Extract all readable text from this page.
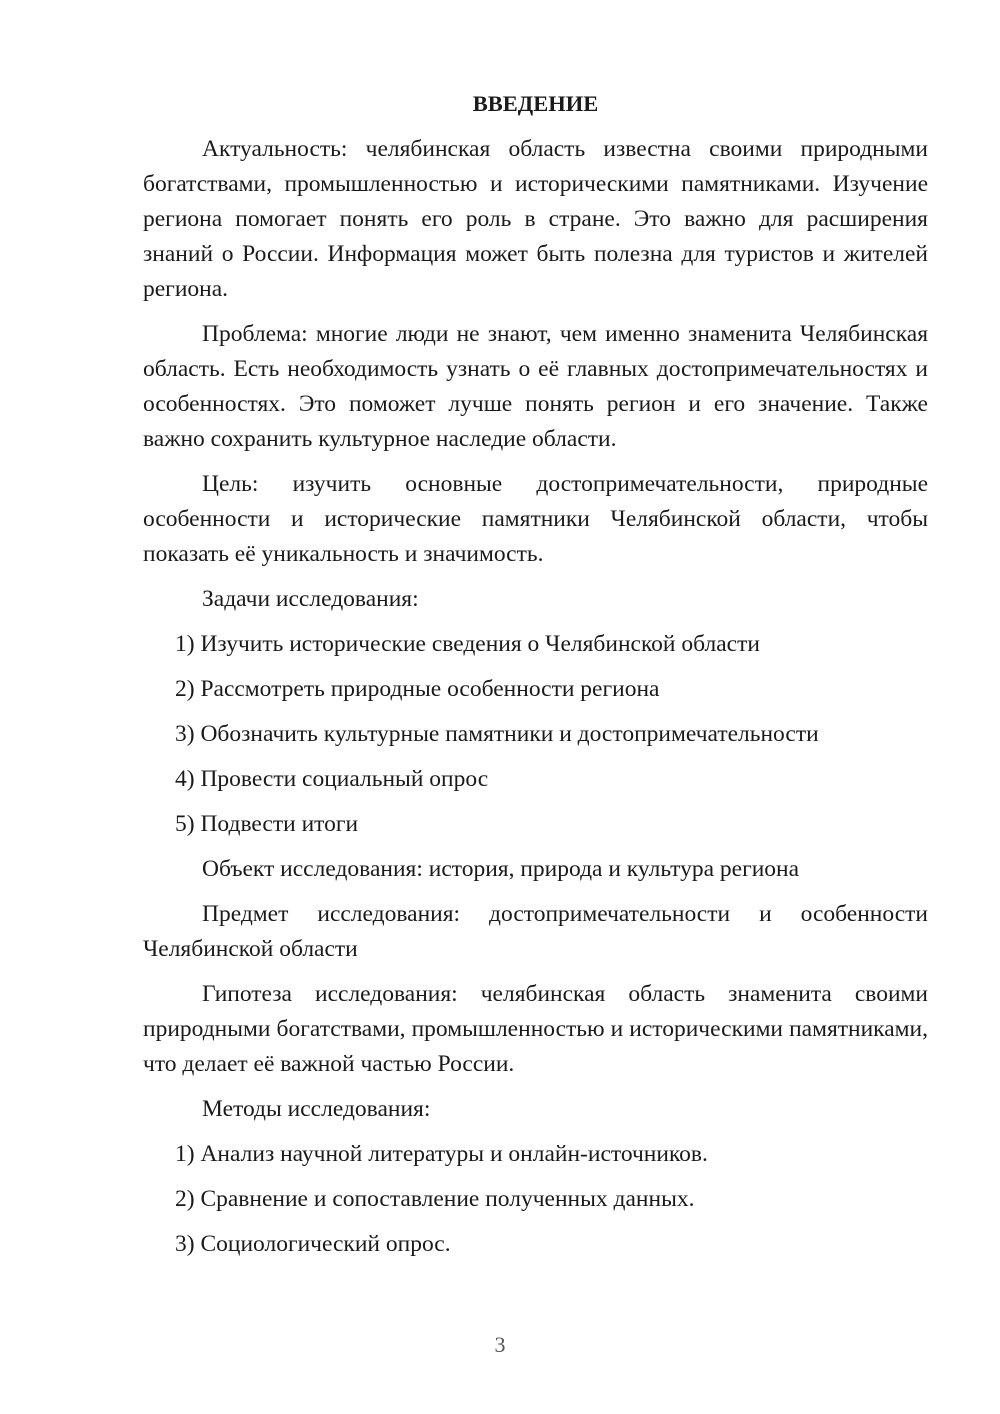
ВВЕДЕНИЕ

Актуальность: челябинская область известна своими природными богатствами, промышленностью и историческими памятниками. Изучение региона помогает понять его роль в стране. Это важно для расширения знаний о России. Информация может быть полезна для туристов и жителей региона.

Проблема: многие люди не знают, чем именно знаменита Челябинская область. Есть необходимость узнать о её главных достопримечательностях и особенностях. Это поможет лучше понять регион и его значение. Также важно сохранить культурное наследие области.

Цель: изучить основные достопримечательности, природные особенности и исторические памятники Челябинской области, чтобы показать её уникальность и значимость.

Задачи исследования:

1) Изучить исторические сведения о Челябинской области

2) Рассмотреть природные особенности региона

3) Обозначить культурные памятники и достопримечательности

4) Провести социальный опрос

5) Подвести итоги

Объект исследования: история, природа и культура региона

Предмет исследования: достопримечательности и особенности Челябинской области

Гипотеза исследования: челябинская область знаменита своими природными богатствами, промышленностью и историческими памятниками, что делает её важной частью России.

Методы исследования:

1) Анализ научной литературы и онлайн-источников.

2) Сравнение и сопоставление полученных данных.

3) Социологический опрос.

3
